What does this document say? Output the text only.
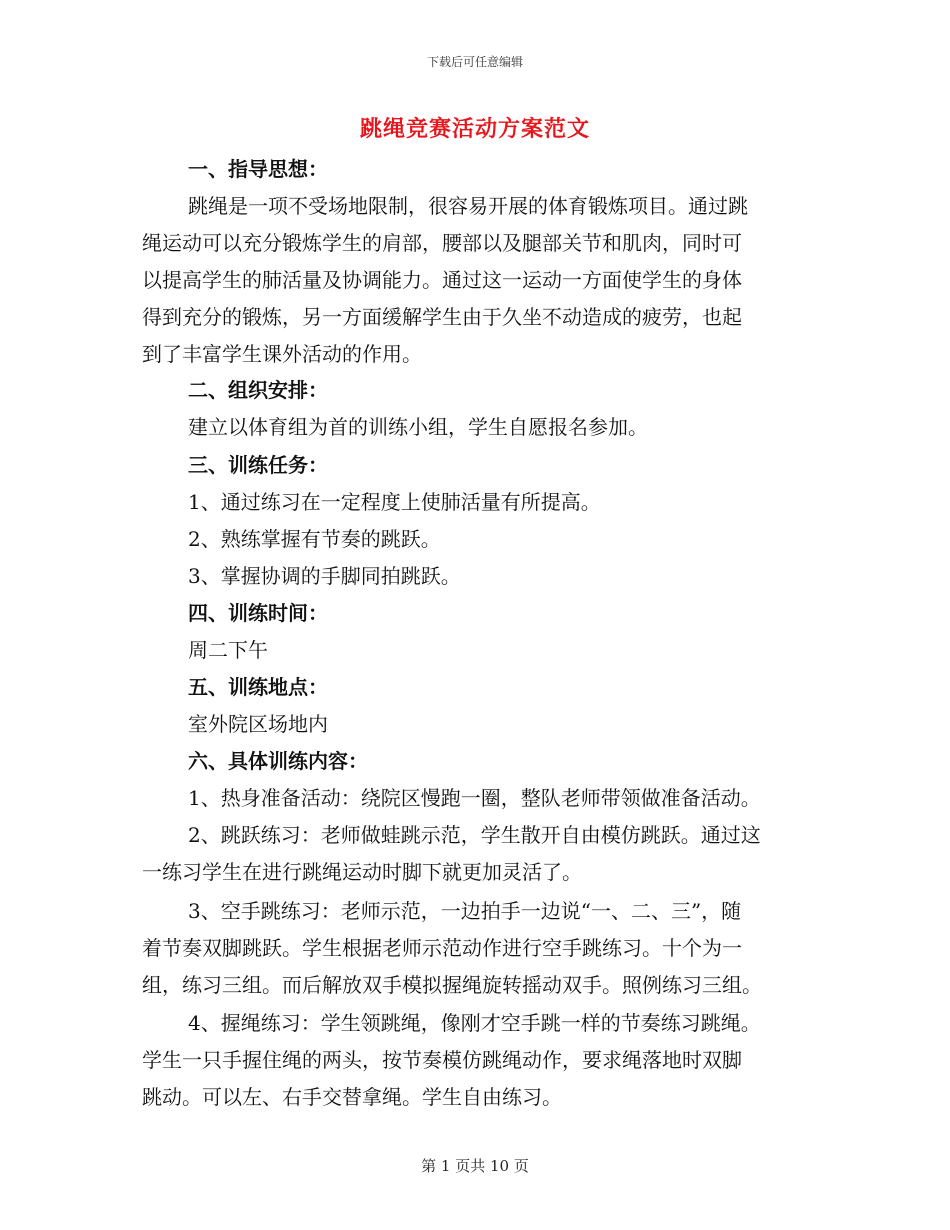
下载后可任意编辑
跳绳竞赛活动方案范文
一、指导思想：
跳绳是一项不受场地限制，很容易开展的体育锻炼项目。通过跳
绳运动可以充分锻炼学生的肩部，腰部以及腿部关节和肌肉，同时可
以提高学生的肺活量及协调能力。通过这一运动一方面使学生的身体
得到充分的锻炼，另一方面缓解学生由于久坐不动造成的疲劳，也起
到了丰富学生课外活动的作用。
二、组织安排：
建立以体育组为首的训练小组，学生自愿报名参加。
三、训练任务：
1、通过练习在一定程度上使肺活量有所提高。
2、熟练掌握有节奏的跳跃。
3、掌握协调的手脚同拍跳跃。
四、训练时间：
周二下午
五、训练地点：
室外院区场地内
六、具体训练内容：
1、热身准备活动：绕院区慢跑一圈，整队老师带领做准备活动。
2、跳跃练习：老师做蛙跳示范，学生散开自由模仿跳跃。通过这
一练习学生在进行跳绳运动时脚下就更加灵活了。
3、空手跳练习：老师示范，一边拍手一边说“一、二、三”，随
着节奏双脚跳跃。学生根据老师示范动作进行空手跳练习。十个为一
组，练习三组。而后解放双手模拟握绳旋转摇动双手。照例练习三组。
4、握绳练习：学生领跳绳，像刚才空手跳一样的节奏练习跳绳。
学生一只手握住绳的两头，按节奏模仿跳绳动作，要求绳落地时双脚
跳动。可以左、右手交替拿绳。学生自由练习。
第 1 页共 10 页
